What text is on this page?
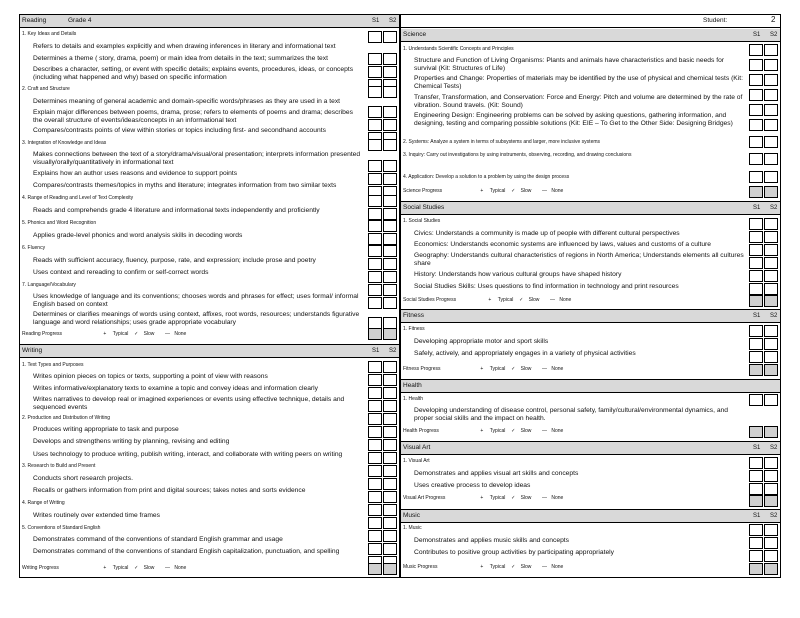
Reading	Grade 4	S1 S2
1. Key Ideas and Details
Refers to details and examples explicitly and when drawing inferences in literary and informational text
Determines a theme ( story, drama, poem) or main idea from details in the text; summarizes the text
Describes a character, setting, or event with specific details; explains events, procedures, ideas, or concepts (including what happened and why) based on specific information
2. Craft and Structure
Determines meaning of general academic and domain-specific words/phrases as they are used in a text
Explain major differences between poems, drama, prose; refers to elements of poems and drama; describes the overall structure of events/ideas/concepts in an informational text
Compares/contrasts points of view within stories or topics including first- and secondhand accounts
3. Integration of Knowledge and Ideas
Makes connections between the text of a story/drama/visual/oral presentation; interprets information presented visually/orally/quantitatively in informational text
Explains how an author uses reasons and evidence to support points
Compares/contrasts themes/topics in myths and literature; integrates information from two similar texts
4. Range of Reading and Level of Text Complexity
Reads and comprehends grade 4 literature and informational texts independently and proficiently
5. Phonics and Word Recognition
Applies grade-level phonics and word analysis skills in decoding words
6. Fluency
Reads with sufficient accuracy, fluency, purpose, rate, and expression; include prose and poetry
Uses context and rereading to confirm or self-correct words
7. Language/Vocabulary
Uses knowledge of language and its conventions; chooses words and phrases for effect; uses formal/ informal English based on context
Determines or clarifies meanings of words using context, affixes, root words, resources; understands figurative language and word relationships; uses grade appropriate vocabulary
Reading Progress	+ Typical ✓ Slow — None
Writing	S1 S2
1. Text Types and Purposes
Writes opinion pieces on topics or texts, supporting a point of view with reasons
Writes informative/explanatory texts to examine a topic and convey ideas and information clearly
Writes narratives to develop real or imagined experiences or events using effective technique, details and sequenced events
2. Production and Distribution of Writing
Produces writing appropriate to task and purpose
Develops and strengthens writing by planning, revising and editing
Uses technology to produce writing, publish writing, interact, and collaborate with writing peers on writing
3. Research to Build and Present
Conducts short research projects.
Recalls or gathers information from print and digital sources; takes notes and sorts evidence
4. Range of Writing
Writes routinely over extended time frames
5. Conventions of Standard English
Demonstrates command of the conventions of standard English grammar and usage
Demonstrates command of the conventions of standard English capitalization, punctuation, and spelling
Writing Progress	+ Typical ✓ Slow — None
Student:	2
Science	S1 S2
1. Understands Scientific Concepts and Principles
Structure and Function of Living Organisms: Plants and animals have characteristics and basic needs for survival (Kit: Structures of Life)
Properties and Change: Properties of materials may be identified by the use of physical and chemical tests (Kit: Chemical Tests)
Transfer, Transformation, and Conservation: Force and Energy: Pitch and volume are determined by the rate of vibration. Sound travels. (Kit: Sound)
Engineering Design: Engineering problems can be solved by asking questions, gathering information, and designing, testing and comparing possible solutions (Kit: EIE – To Get to the Other Side: Designing Bridges)
2. Systems: Analyze a system in terms of subsystems and larger, more inclusive systems
3. Inquiry: Carry out investigations by using instruments, observing, recording, and drawing conclusions
4. Application: Develop a solution to a problem by using the design process
Science Progress	+ Typical ✓ Slow — None
Social Studies	S1 S2
1. Social Studies
Civics: Understands a community is made up of people with different cultural perspectives
Economics: Understands economic systems are influenced by laws, values and customs of a culture
Geography: Understands cultural characteristics of regions in North America; Understands elements all cultures share
History: Understands how various cultural groups have shaped history
Social Studies Skills: Uses questions to find information in technology and print resources
Social Studies Progress	+ Typical ✓ Slow — None
Fitness	S1 S2
1. Fitness
Developing appropriate motor and sport skills
Safely, actively, and appropriately engages in a variety of physical activities
Fitness Progress	+ Typical ✓ Slow — None
Health
1. Health
Developing understanding of disease control, personal safety, family/cultural/environmental dynamics, and proper social skills and the impact on health.
Health Progress	+ Typical ✓ Slow — None
Visual Art	S1 S2
1. Visual Art
Demonstrates and applies visual art skills and concepts
Uses creative process to develop ideas
Visual Art Progress	+ Typical ✓ Slow — None
Music	S1 S2
1. Music
Demonstrates and applies music skills and concepts
Contributes to positive group activities by participating appropriately
Music Progress	+ Typical ✓ Slow — None
